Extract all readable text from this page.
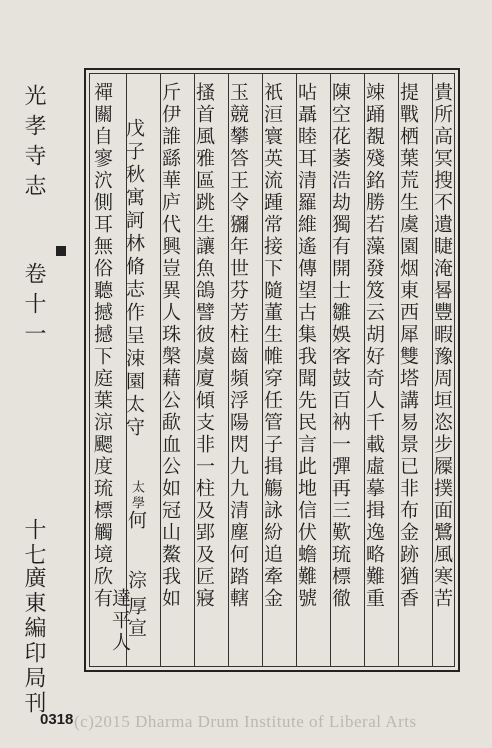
貴所高冥搜不遺睫淹晷豐暇豫周垣恣步屧撲面鷺風寒苦
提戰栖葉荒生虞園烟東西犀雙塔講易景已非布金跡猶香
竦踊覩殘銘勝若藻發笈云胡好奇人千載虛摹揖逸略難重
陳空花萎浩劫獨有開士雛娛客鼓百衲一彈再三歎琉標徹
呫聶睦耳清羅維遙傳望古集我聞先民言此地信伏蟾難號
祇洹寰英流踵常接下隨董生帷穿任管子揖觴詠紛追牽金
玉競攀答王令獼年世芬芳柱齒頻浮陽閃九九清塵何踏轄
搔首風雅區跳生讓魚鴿譬彼虞廈傾支非一柱及郢及匠寢
斤伊誰繇華庐代興豈異人珠槃藉公歃血公如冠山鰲我如
戊子秋寓訶林脩志作呈涑園太守
光孝寺志
卷十一
十七
廣東編印局刊
0318 (c)2015 Dharma Drum Institute of Liberal Arts
禪關自寥泬側耳無俗聽撼撼下庭葉涼颸度琉標觸境欣有 太學
何
淙
達平人
厚宣
